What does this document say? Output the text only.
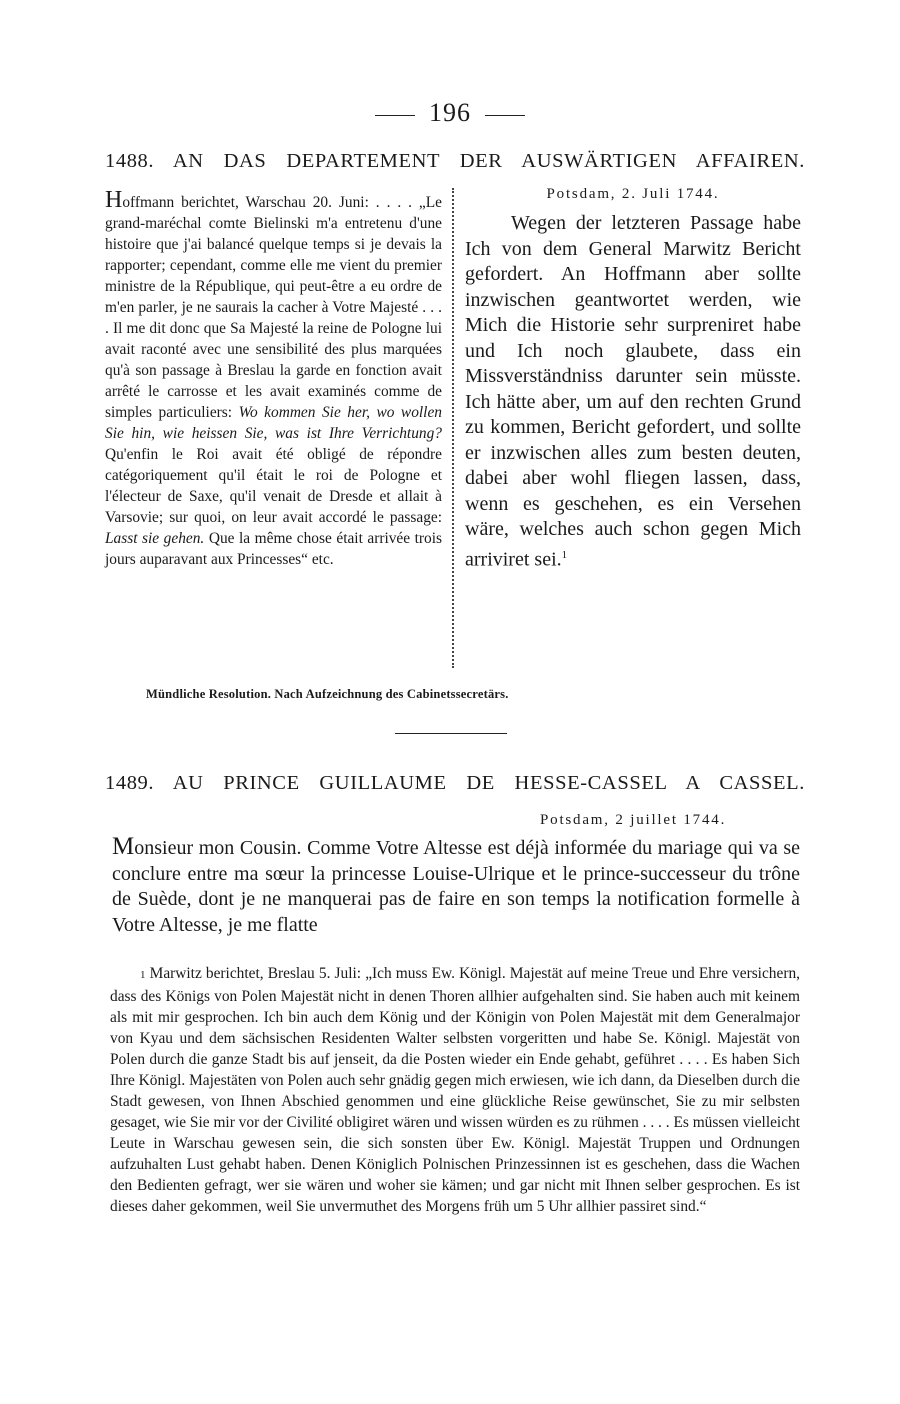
196
1488. AN DAS DEPARTEMENT DER AUSWÄRTIGEN AFFAIREN.

Hoffmann berichtet, Warschau 20. Juni: . . . . „Le grand-maréchal comte Bielinski m'a entretenu d'une histoire que j'ai balancé quelque temps si je devais la rapporter; cependant, comme elle me vient du premier ministre de la République, qui peut-être a eu ordre de m'en parler, je ne saurais la cacher à Votre Majesté . . . . Il me dit donc que Sa Majesté la reine de Pologne lui avait raconté avec une sensibilité des plus marquées qu'à son passage à Breslau la garde en fonction avait arrêté le carrosse et les avait examinés comme de simples particuliers: Wo kommen Sie her, wo wollen Sie hin, wie heissen Sie, was ist Ihre Verrichtung? Qu'enfin le Roi avait été obligé de répondre catégoriquement qu'il était le roi de Pologne et l'électeur de Saxe, qu'il venait de Dresde et allait à Varsovie; sur quoi, on leur avait accordé le passage: Lasst sie gehen. Que la même chose était arrivée trois jours auparavant aux Princesses“ etc.

Potsdam, 2. Juli 1744.

Wegen der letzteren Passage habe Ich von dem General Marwitz Bericht gefordert. An Hoffmann aber sollte inzwischen geantwortet werden, wie Mich die Historie sehr surpreniret habe und Ich noch glaubete, dass ein Missverständniss darunter sein müsste. Ich hätte aber, um auf den rechten Grund zu kommen, Bericht gefordert, und sollte er inzwischen alles zum besten deuten, dabei aber wohl fliegen lassen, dass, wenn es geschehen, es ein Versehen wäre, welches auch schon gegen Mich arriviret sei.$^1$

Mündliche Resolution. Nach Aufzeichnung des Cabinetssecretärs.
1489. AU PRINCE GUILLAUME DE HESSE-CASSEL A CASSEL.
Potsdam, 2 juillet 1744.

Monsieur mon Cousin. Comme Votre Altesse est déjà informée du mariage qui va se conclure entre ma sœur la princesse Louise-Ulrique et le prince-successeur du trône de Suède, dont je ne manquerai pas de faire en son temps la notification formelle à Votre Altesse, je me flatte

1 Marwitz berichtet, Breslau 5. Juli: „Ich muss Ew. Königl. Majestät auf meine Treue und Ehre versichern, dass des Königs von Polen Majestät nicht in denen Thoren allhier aufgehalten sind. Sie haben auch mit keinem als mit mir gesprochen. Ich bin auch dem König und der Königin von Polen Majestät mit dem Generalmajor von Kyau und dem sächsischen Residenten Walter selbsten vorgeritten und habe Se. Königl. Majestät von Polen durch die ganze Stadt bis auf jenseit, da die Posten wieder ein Ende gehabt, geführet . . . . Es haben Sich Ihre Königl. Majestäten von Polen auch sehr gnädig gegen mich erwiesen, wie ich dann, da Dieselben durch die Stadt gewesen, von Ihnen Abschied genommen und eine glückliche Reise gewünschet, Sie zu mir selbsten gesaget, wie Sie mir vor der Civilité obligiret wären und wissen würden es zu rühmen . . . . Es müssen vielleicht Leute in Warschau gewesen sein, die sich sonsten über Ew. Königl. Majestät Truppen und Ordnungen aufzuhalten Lust gehabt haben. Denen Königlich Polnischen Prinzessinnen ist es geschehen, dass die Wachen den Bedienten gefragt, wer sie wären und woher sie kämen; und gar nicht mit Ihnen selber gesprochen. Es ist dieses daher gekommen, weil Sie unvermuthet des Morgens früh um 5 Uhr allhier passiret sind.“
